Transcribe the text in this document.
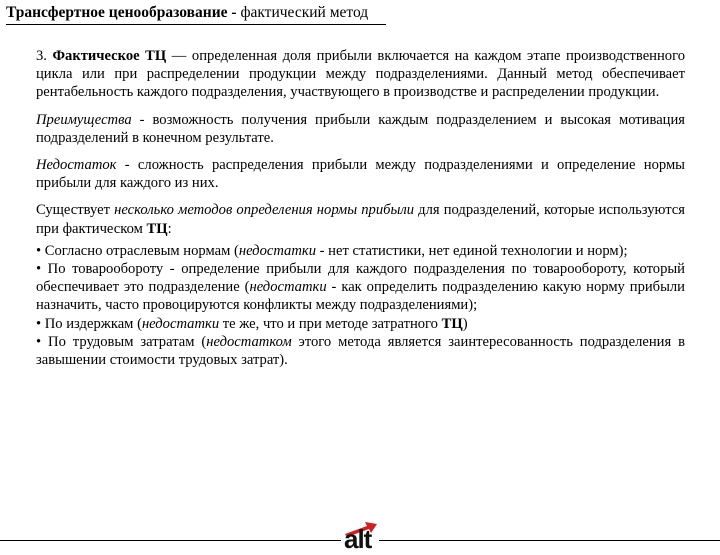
Трансфертное ценообразование - фактический метод

3. Фактическое ТЦ — определенная доля прибыли включается на каждом этапе производственного цикла или при распределении продукции между подразделениями. Данный метод обеспечивает рентабельность каждого подразделения, участвующего в производстве и распределении продукции.

Преимущества - возможность получения прибыли каждым подразделением и высокая мотивация подразделений в конечном результате.

Недостаток - сложность распределения прибыли между подразделениями и определение нормы прибыли для каждого из них.

Существует несколько методов определения нормы прибыли для подразделений, которые используются при фактическом ТЦ:

• Согласно отраслевым нормам (недостатки - нет статистики, нет единой технологии и норм);

• По товарообороту - определение прибыли для каждого подразделения по товарообороту, который обеспечивает это подразделение (недостатки - как определить подразделению какую норму прибыли назначить, часто провоцируются конфликты между подразделениями);

• По издержкам (недостатки те же, что и при методе затратного ТЦ)

• По трудовым затратам (недостатком этого метода является заинтересованность подразделения в завышении стоимости трудовых затрат).

alt
